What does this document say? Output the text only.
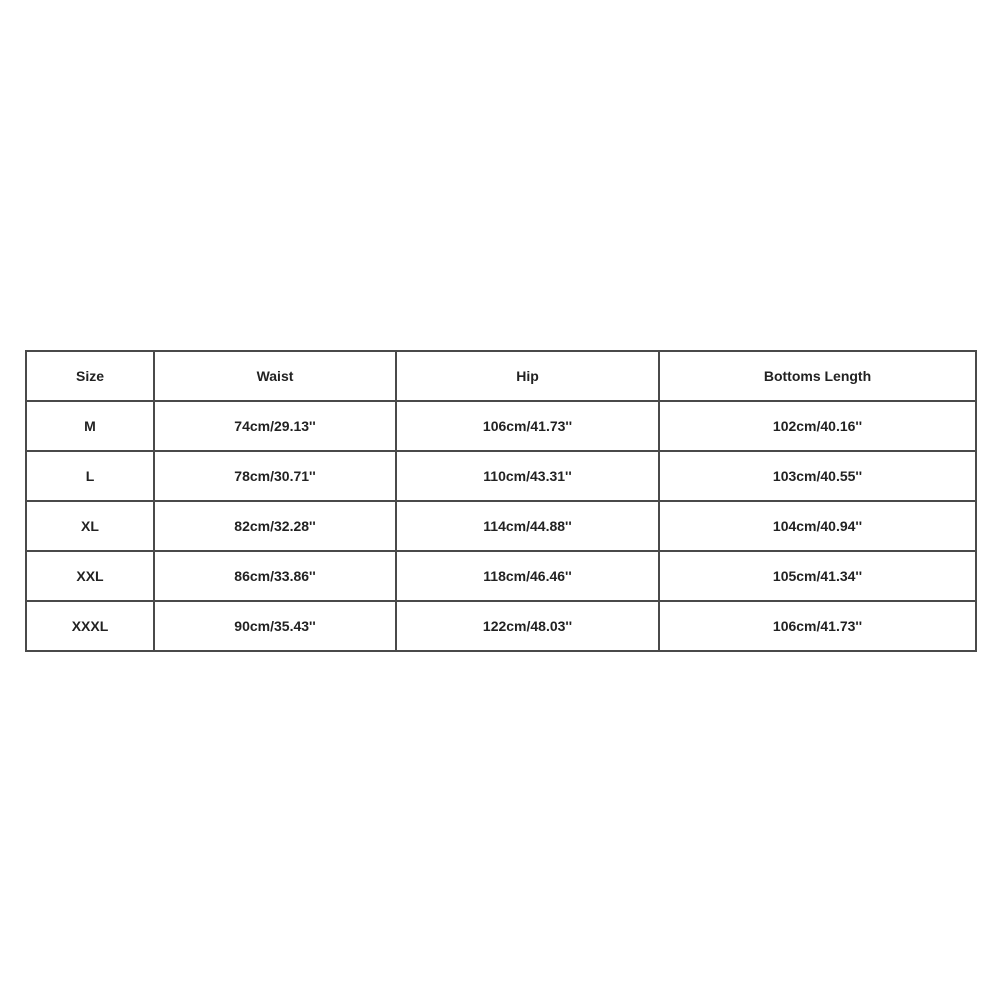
Size	Waist	Hip	Bottoms Length
M	74cm/29.13''	106cm/41.73''	102cm/40.16''
L	78cm/30.71''	110cm/43.31''	103cm/40.55''
XL	82cm/32.28''	114cm/44.88''	104cm/40.94''
XXL	86cm/33.86''	118cm/46.46''	105cm/41.34''
XXXL	90cm/35.43''	122cm/48.03''	106cm/41.73''
